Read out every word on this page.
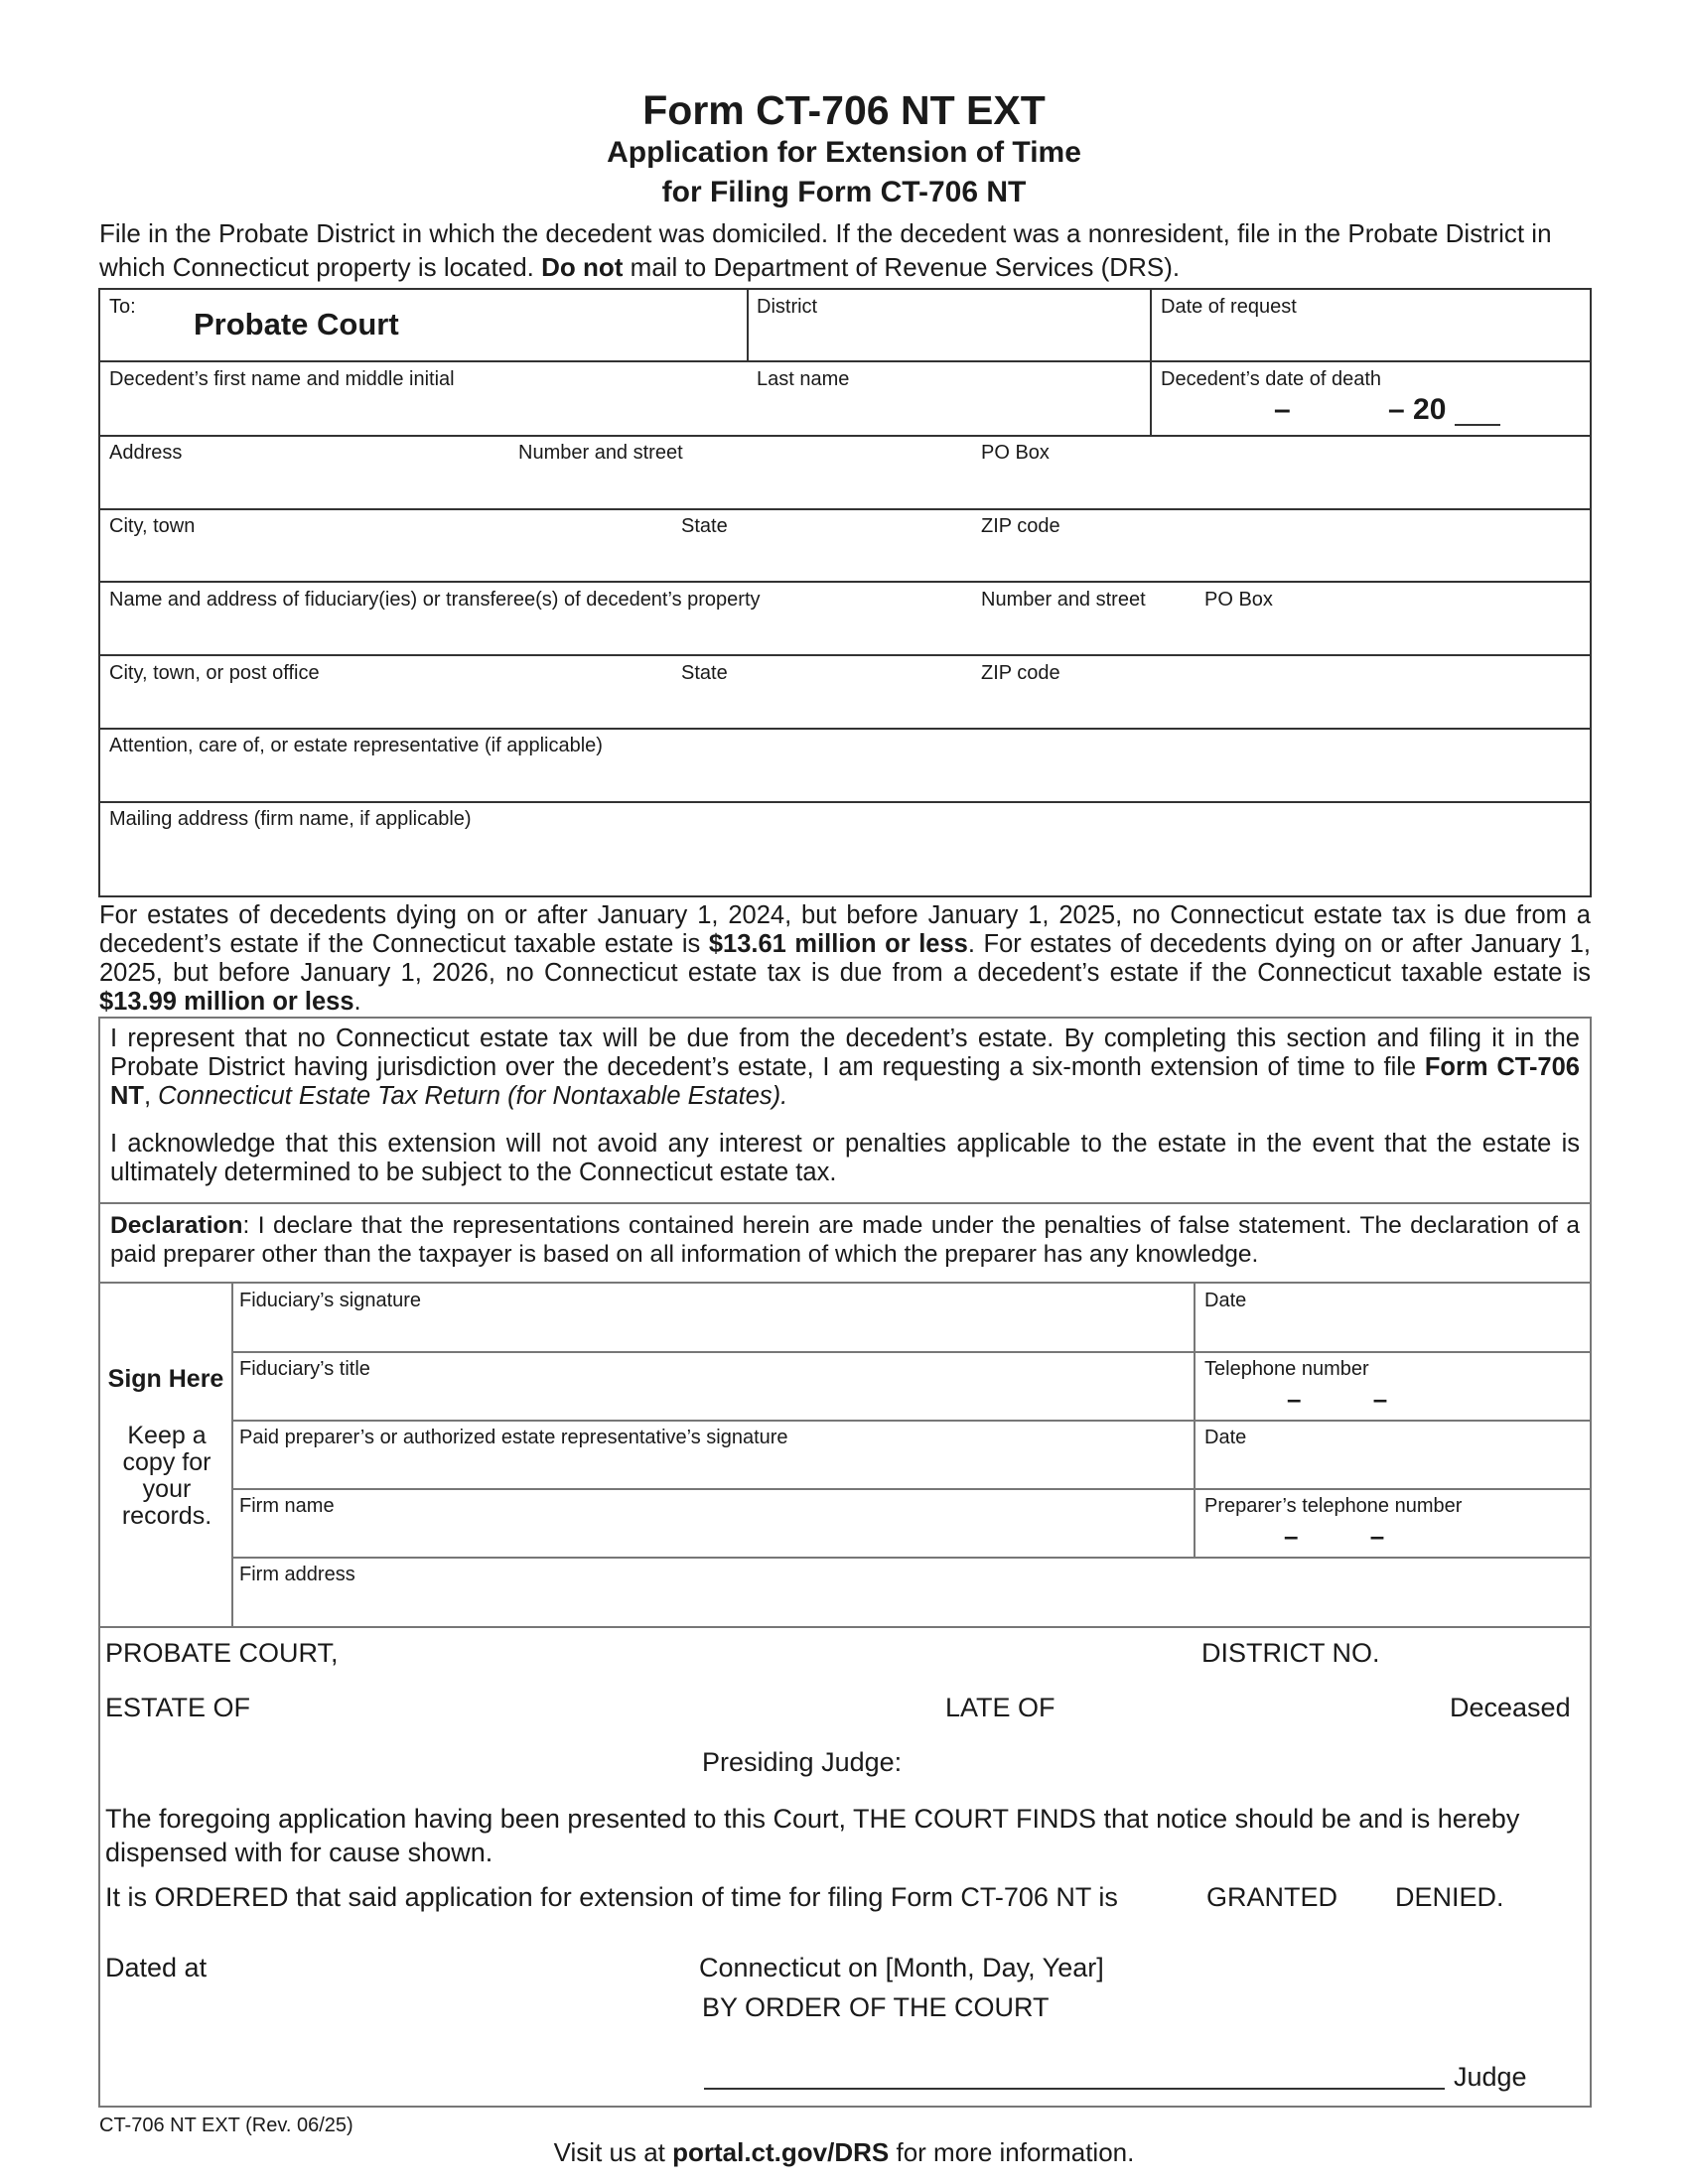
Form CT-706 NT EXT
Application for Extension of Time
for Filing Form CT-706 NT
File in the Probate District in which the decedent was domiciled. If the decedent was a nonresident, file in the Probate District in which Connecticut property is located. Do not mail to Department of Revenue Services (DRS).
To: Probate Court	District	Date of request
Decedent’s first name and middle initial	Last name	Decedent’s date of death
–	– 20
Address	Number and street	PO Box
City, town	State	ZIP code
Name and address of fiduciary(ies) or transferee(s) of decedent’s property	Number and street	PO Box
City, town, or post office	State	ZIP code
Attention, care of, or estate representative (if applicable)
Mailing address (firm name, if applicable)
For estates of decedents dying on or after January 1, 2024, but before January 1, 2025, no Connecticut estate tax is due from a decedent’s estate if the Connecticut taxable estate is $13.61 million or less. For estates of decedents dying on or after January 1, 2025, but before January 1, 2026, no Connecticut estate tax is due from a decedent’s estate if the Connecticut taxable estate is $13.99 million or less.
I represent that no Connecticut estate tax will be due from the decedent’s estate. By completing this section and filing it in the Probate District having jurisdiction over the decedent’s estate, I am requesting a six-month extension of time to file Form CT-706 NT, Connecticut Estate Tax Return (for Nontaxable Estates).
I acknowledge that this extension will not avoid any interest or penalties applicable to the estate in the event that the estate is ultimately determined to be subject to the Connecticut estate tax.
Declaration: I declare that the representations contained herein are made under the penalties of false statement. The declaration of a paid preparer other than the taxpayer is based on all information of which the preparer has any knowledge.
Sign Here
Keep a copy for your records.
Fiduciary’s signature	Date
Fiduciary’s title	Telephone number
–          –
Paid preparer’s or authorized estate representative’s signature	Date
Firm name	Preparer’s telephone number
–          –
Firm address
PROBATE COURT,	DISTRICT NO.
ESTATE OF	LATE OF	Deceased
Presiding Judge:
The foregoing application having been presented to this Court, THE COURT FINDS that notice should be and is hereby dispensed with for cause shown.
It is ORDERED that said application for extension of time for filing Form CT-706 NT is	GRANTED	DENIED.
Dated at	Connecticut on [Month, Day, Year]
BY ORDER OF THE COURT
Judge
CT-706 NT EXT (Rev. 06/25)
Visit us at portal.ct.gov/DRS for more information.
